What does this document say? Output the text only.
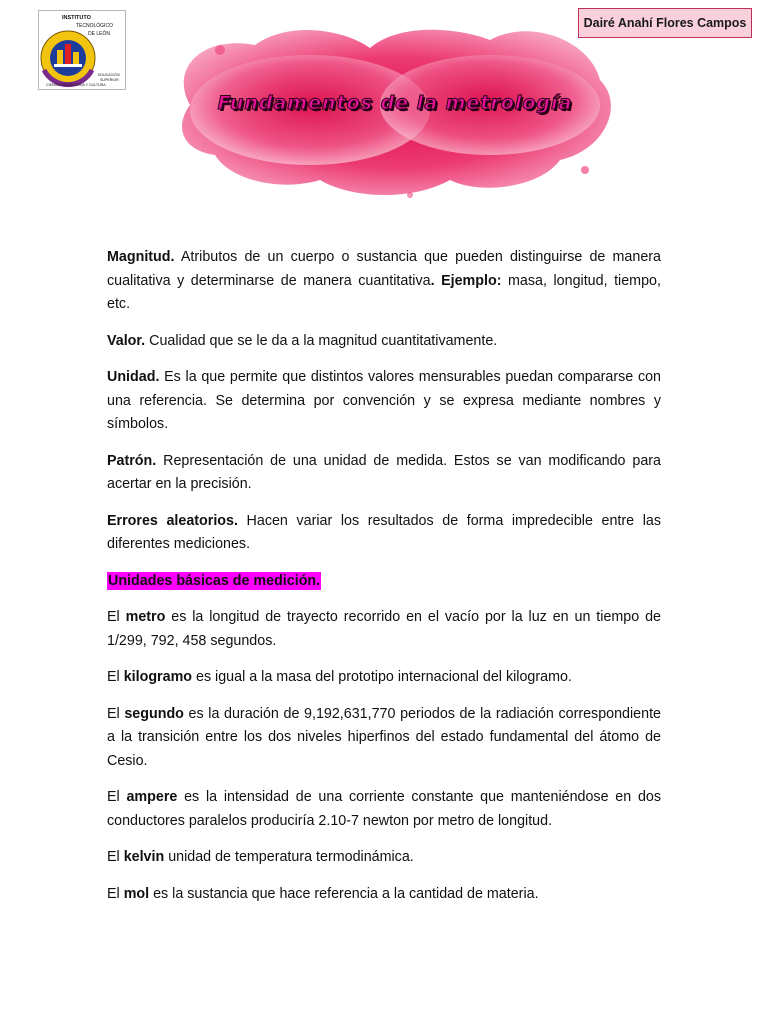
INSTITUTO
TECNOLÓGICO
DE LEÓN
CIENCIA TECNOLOGÍA Y CULTURA
EDUCACIÓN
SUPERIOR
Fundamentos de la metrología
Dairé Anahí Flores Campos

Magnitud. Atributos de un cuerpo o sustancia que pueden distinguirse de manera cualitativa y determinarse de manera cuantitativa. Ejemplo: masa, longitud, tiempo, etc.

Valor. Cualidad que se le da a la magnitud cuantitativamente.

Unidad. Es la que permite que distintos valores mensurables puedan compararse con una referencia. Se determina por convención y se expresa mediante nombres y símbolos.

Patrón. Representación de una unidad de medida. Estos se van modificando para acertar en la precisión.

Errores aleatorios. Hacen variar los resultados de forma impredecible entre las diferentes mediciones.

Unidades básicas de medición.

El metro es la longitud de trayecto recorrido en el vacío por la luz en un tiempo de 1/299, 792, 458 segundos.

El kilogramo es igual a la masa del prototipo internacional del kilogramo.

El segundo es la duración de 9,192,631,770 periodos de la radiación correspondiente a la transición entre los dos niveles hiperfinos del estado fundamental del átomo de Cesio.

El ampere es la intensidad de una corriente constante que manteniéndose en dos conductores paralelos produciría 2.10-7 newton por metro de longitud.

El kelvin unidad de temperatura termodinámica.

El mol es la sustancia que hace referencia a la cantidad de materia.
